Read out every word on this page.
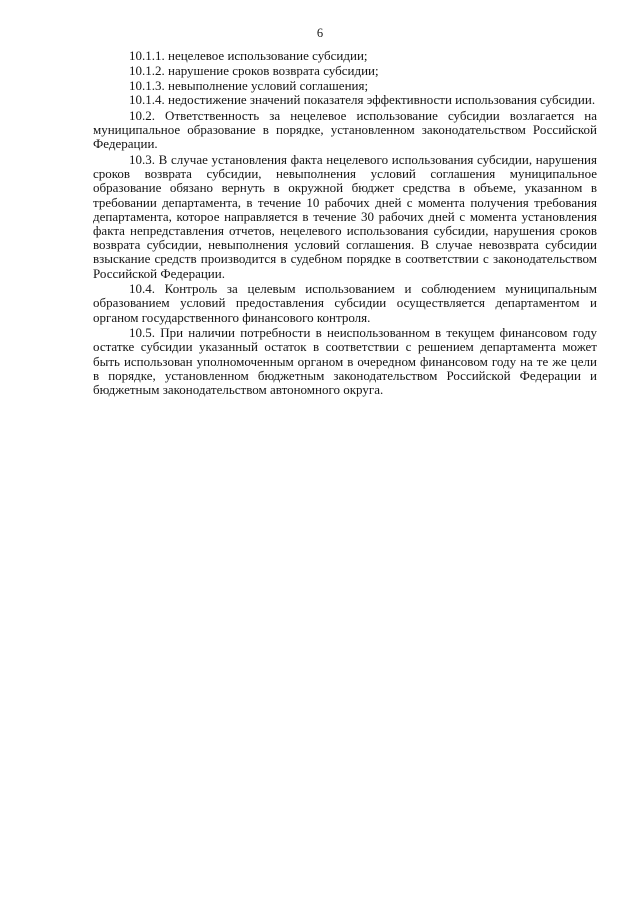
6

10.1.1. нецелевое использование субсидии;

10.1.2. нарушение сроков возврата субсидии;

10.1.3. невыполнение условий соглашения;

10.1.4. недостижение значений показателя эффективности использования субсидии.

10.2. Ответственность за нецелевое использование субсидии возлагается на муниципальное образование в порядке, установленном законодательством Российской Федерации.

10.3. В случае установления факта нецелевого использования субсидии, нарушения сроков возврата субсидии, невыполнения условий соглашения муниципальное образование обязано вернуть в окружной бюджет средства в объеме, указанном в требовании департамента, в течение 10 рабочих дней с момента получения требования департамента, которое направляется в течение 30 рабочих дней с момента установления факта непредставления отчетов, нецелевого использования субсидии, нарушения сроков возврата субсидии, невыполнения условий соглашения. В случае невозврата субсидии взыскание средств производится в судебном порядке в соответствии с законодательством Российской Федерации.

10.4. Контроль за целевым использованием и соблюдением муниципальным образованием условий предоставления субсидии осуществляется департаментом и органом государственного финансового контроля.

10.5. При наличии потребности в неиспользованном в текущем финансовом году остатке субсидии указанный остаток в соответствии с решением департамента может быть использован уполномоченным органом в очередном финансовом году на те же цели в порядке, установленном бюджетным законодательством Российской Федерации и бюджетным законодательством автономного округа.
